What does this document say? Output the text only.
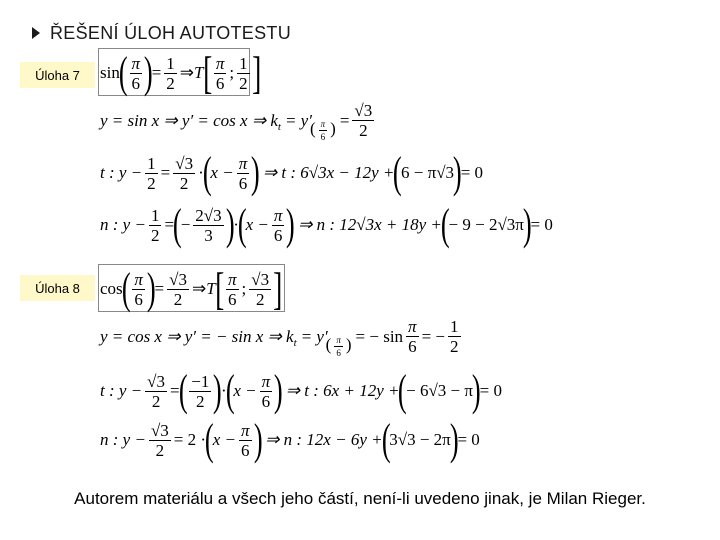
ŘEŠENÍ ÚLOH AUTOTESTU
Úloha 7	sin
( $\frac{\pi}{6}$ )
= $\frac{1}{2}$ ⇒ T [ $\frac{\pi}{6}$ ; $\frac{1}{2}$ ]
y = sin x ⇒ y′ = cos x ⇒ k t = y′
( $\frac{\pi}{6}$ ) = $\frac{√3}{2}$
t : $y - \frac{1}{2} = \frac{√3}{2}$ ·
(
$x - \frac{\pi}{6}$ ) ⇒ t : 6√3x − 12y +
(
6 − π√3
)
= 0
n : $y - \frac{1}{2}$ =
(
− $\frac{2√3}{3}$ )
·
(
$x - \frac{\pi}{6}$ ) ⇒ n : 12√3x + 18y +
(
− 9 − 2√3π
)
= 0
Úloha 8	cos
( $\frac{\pi}{6}$ )
= $\frac{√3}{2}$ ⇒ T [ $\frac{\pi}{6}$ ; $\frac{√3}{2}$ ]
y = cos x ⇒ y′ = − sin x ⇒ k t = y′
( $\frac{\pi}{6}$ ) = − $\sin \frac{\pi}{6}$ = − $\frac{1}{2}$
t : $y - \frac{√3}{2}$ =
( $\frac{-1}{2}$ )
·
(
$x - \frac{\pi}{6}$ ) ⇒ t : 6x + 12y +
(
− 6√3 − π
)
= 0
n : $y - \frac{√3}{2} = 2$ ·
(
$x - \frac{\pi}{6}$ ) ⇒ n : 12x − 6y +
(
3√3 − 2π
)
= 0
Autorem materiálu a všech jeho částí, není-li uvedeno jinak, je Milan Rieger.
